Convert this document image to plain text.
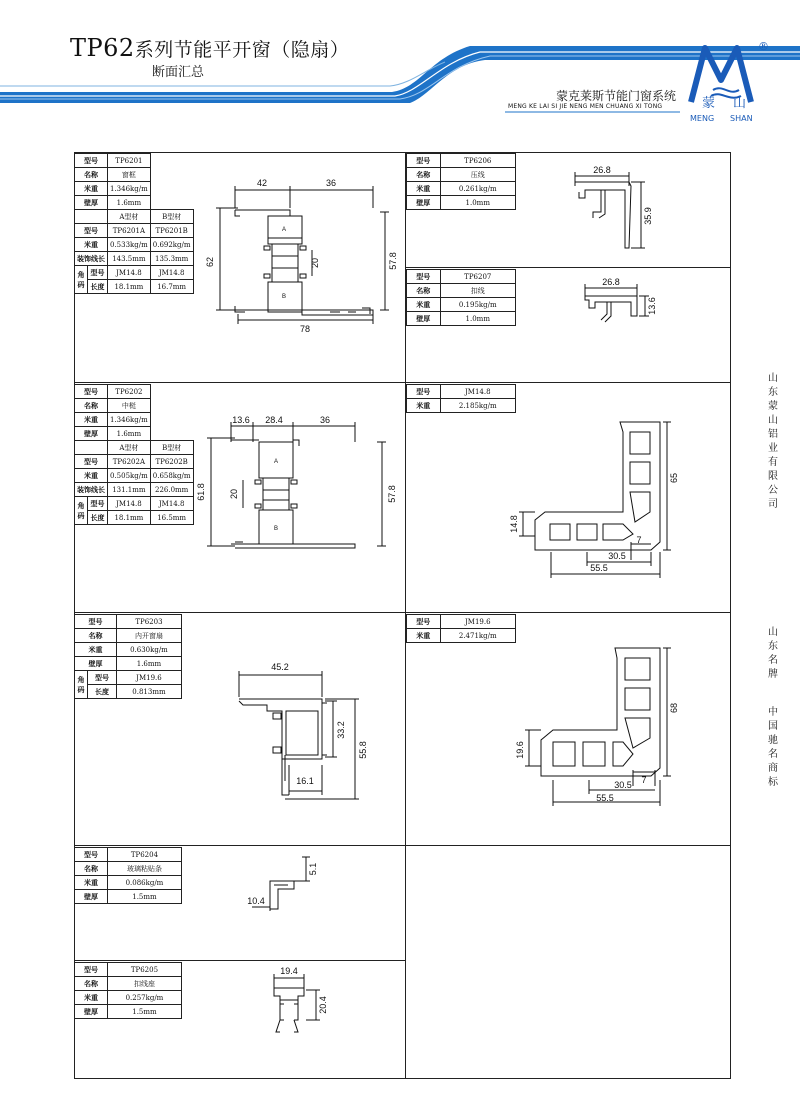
TP62系列节能平开窗（隐扇）
断面汇总
蒙克莱斯节能门窗系统
MENG KE LAI SI JIE NENG MEN CHUANG XI TONG
®
蒙 山
MENG SHAN
山东蒙山铝业有限公司
山东名牌
中国驰名商标
型号		TP6201	
名称		窗框	
米重		1.346kg/m	
壁厚		1.6mm	
		A型材	B型材
型号		TP6201A	TP6201B
米重		0.533kg/m	0.692kg/m
装饰线长		143.5mm	135.3mm
角码	型号	JM14.8	JM14.8
	长度	18.1mm	16.7mm
42	36
62	57.8
20
78
A
B
型号		TP6202	
名称		中梃	
米重		1.346kg/m	
壁厚		1.6mm	
		A型材	B型材
型号		TP6202A	TP6202B
米重		0.505kg/m	0.658kg/m
装饰线长		131.1mm	226.0mm
角码	型号	JM14.8	JM14.8
	长度	18.1mm	16.5mm
13.6 28.4	36
61.8	57.8
20
A
B
型号		TP6203
名称		内开窗扇
米重		0.630kg/m
壁厚		1.6mm
角码	型号	JM19.6
	长度	0.813mm
45.2
33.2
55.8
16.1
型号	TP6204
名称	玻璃粘贴条
米重	0.086kg/m
壁厚	1.5mm
5.1
10.4
型号	TP6205
名称	扣线座
米重	0.257kg/m
壁厚	1.5mm
19.4
20.4
型号	TP6206
名称	压线
米重	0.261kg/m
壁厚	1.0mm
26.8
35.9
型号	TP6207
名称	扣线
米重	0.195kg/m
壁厚	1.0mm
26.8
13.6
型号	JM14.8
米重	2.185kg/m
65
14.8
7
30.5
55.5
型号	JM19.6
米重	2.471kg/m
68
19.6
7
30.5
55.5
